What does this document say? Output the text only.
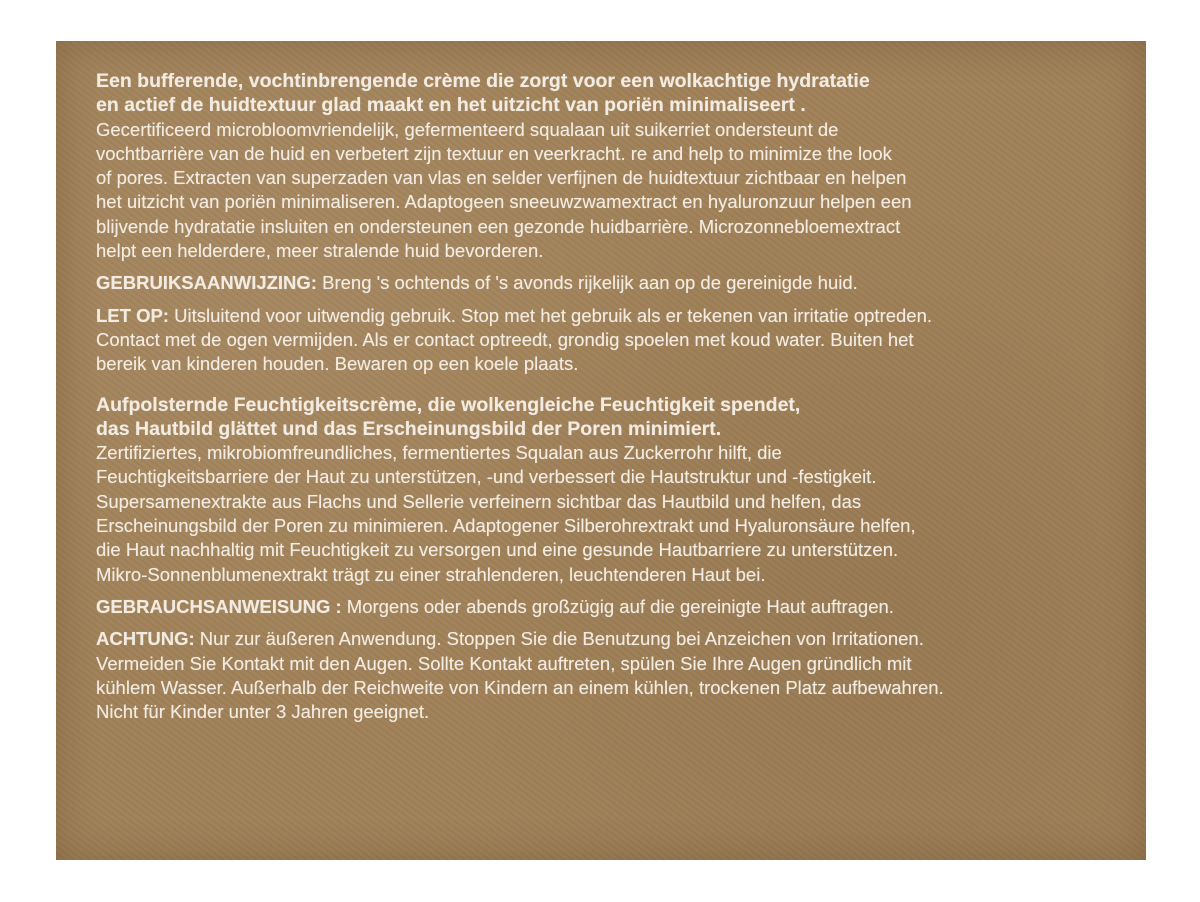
Een bufferende, vochtinbrengende crème die zorgt voor een wolkachtige hydratatie
en actief de huidtextuur glad maakt en het uitzicht van poriën minimaliseert .
Gecertificeerd microbloomvriendelijk, gefermenteerd squalaan uit suikerriet ondersteunt de
vochtbarrière van de huid en verbetert zijn textuur en veerkracht. re and help to minimize the look
of pores. Extracten van superzaden van vlas en selder verfijnen de huidtextuur zichtbaar en helpen
het uitzicht van poriën minimaliseren. Adaptogeen sneeuwzwamextract en hyaluronzuur helpen een
blijvende hydratatie insluiten en ondersteunen een gezonde huidbarrière. Microzonnebloemextract
helpt een helderdere, meer stralende huid bevorderen.
GEBRUIKSAANWIJZING: Breng 's ochtends of 's avonds rijkelijk aan op de gereinigde huid.
LET OP: Uitsluitend voor uitwendig gebruik. Stop met het gebruik als er tekenen van irritatie optreden.
Contact met de ogen vermijden. Als er contact optreedt, grondig spoelen met koud water. Buiten het
bereik van kinderen houden. Bewaren op een koele plaats.
Aufpolsternde Feuchtigkeitscrème, die wolkengleiche Feuchtigkeit spendet,
das Hautbild glättet und das Erscheinungsbild der Poren minimiert.
Zertifiziertes, mikrobiomfreundliches, fermentiertes Squalan aus Zuckerrohr hilft, die
Feuchtigkeitsbarriere der Haut zu unterstützen, -und verbessert die Hautstruktur und -festigkeit.
Supersamenextrakte aus Flachs und Sellerie verfeinern sichtbar das Hautbild und helfen, das
Erscheinungsbild der Poren zu minimieren. Adaptogener Silberohrextrakt und Hyaluronsäure helfen,
die Haut nachhaltig mit Feuchtigkeit zu versorgen und eine gesunde Hautbarriere zu unterstützen.
Mikro-Sonnenblumenextrakt trägt zu einer strahlenderen, leuchtenderen Haut bei.
GEBRAUCHSANWEISUNG : Morgens oder abends großzügig auf die gereinigte Haut auftragen.
ACHTUNG: Nur zur äußeren Anwendung. Stoppen Sie die Benutzung bei Anzeichen von Irritationen.
Vermeiden Sie Kontakt mit den Augen. Sollte Kontakt auftreten, spülen Sie Ihre Augen gründlich mit
kühlem Wasser. Außerhalb der Reichweite von Kindern an einem kühlen, trockenen Platz aufbewahren.
Nicht für Kinder unter 3 Jahren geeignet.
